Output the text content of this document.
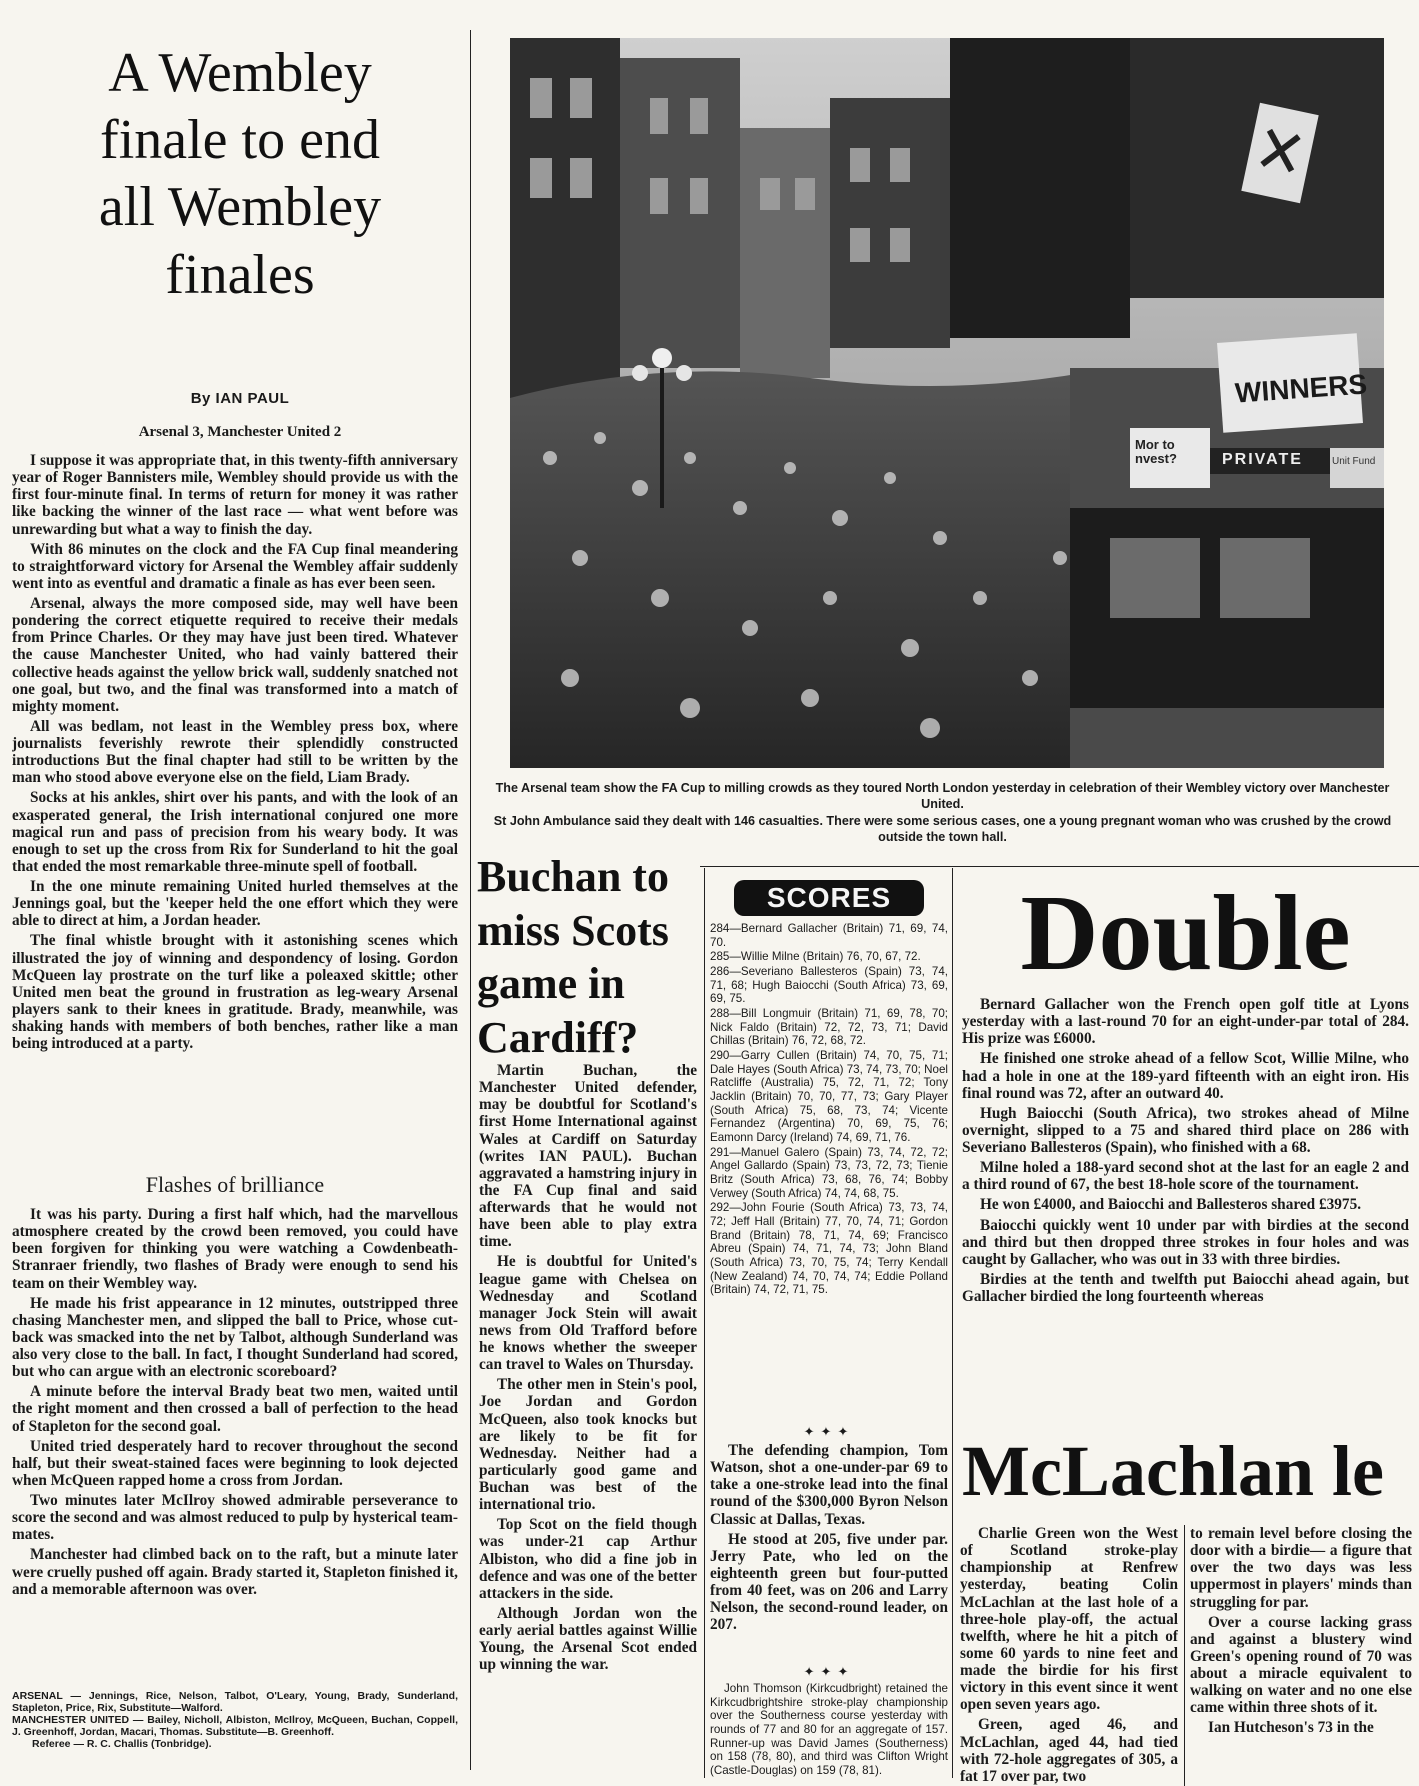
A Wembley
finale to end
all Wembley
finales
By IAN PAUL
Arsenal 3, Manchester United 2

I suppose it was appropriate that, in this twenty-fifth anniversary year of Roger Bannisters mile, Wembley should provide us with the first four-minute final. In terms of return for money it was rather like backing the winner of the last race — what went before was unrewarding but what a way to finish the day.

With 86 minutes on the clock and the FA Cup final meandering to straightforward victory for Arsenal the Wembley affair suddenly went into as eventful and dramatic a finale as has ever been seen.

Arsenal, always the more composed side, may well have been pondering the correct etiquette required to receive their medals from Prince Charles. Or they may have just been tired. Whatever the cause Manchester United, who had vainly battered their collective heads against the yellow brick wall, suddenly snatched not one goal, but two, and the final was transformed into a match of mighty moment.

All was bedlam, not least in the Wembley press box, where journalists feverishly rewrote their splendidly constructed introductions But the final chapter had still to be written by the man who stood above everyone else on the field, Liam Brady.

Socks at his ankles, shirt over his pants, and with the look of an exasperated general, the Irish international conjured one more magical run and pass of precision from his weary body. It was enough to set up the cross from Rix for Sunderland to hit the goal that ended the most remarkable three-minute spell of football.

In the one minute remaining United hurled themselves at the Jennings goal, but the 'keeper held the one effort which they were able to direct at him, a Jordan header.

The final whistle brought with it astonishing scenes which illustrated the joy of winning and despondency of losing. Gordon McQueen lay prostrate on the turf like a poleaxed skittle; other United men beat the ground in frustration as leg-weary Arsenal players sank to their knees in gratitude. Brady, meanwhile, was shaking hands with members of both benches, rather like a man being introduced at a party.

Flashes of brilliance

It was his party. During a first half which, had the marvellous atmosphere created by the crowd been removed, you could have been forgiven for thinking you were watching a Cowdenbeath-Stranraer friendly, two flashes of Brady were enough to send his team on their Wembley way.

He made his frist appearance in 12 minutes, outstripped three chasing Manchester men, and slipped the ball to Price, whose cut-back was smacked into the net by Talbot, although Sunderland was also very close to the ball. In fact, I thought Sunderland had scored, but who can argue with an electronic scoreboard?

A minute before the interval Brady beat two men, waited until the right moment and then crossed a ball of perfection to the head of Stapleton for the second goal.

United tried desperately hard to recover throughout the second half, but their sweat-stained faces were beginning to look dejected when McQueen rapped home a cross from Jordan.

Two minutes later McIlroy showed admirable perseverance to score the second and was almost reduced to pulp by hysterical team-mates.

Manchester had climbed back on to the raft, but a minute later were cruelly pushed off again. Brady started it, Stapleton finished it, and a memorable afternoon was over.

ARSENAL — Jennings, Rice, Nelson, Talbot, O'Leary, Young, Brady, Sunderland, Stapleton, Price, Rix, Substitute—Walford.
MANCHESTER UNITED — Bailey, Nicholl, Albiston, McIlroy, McQueen, Buchan, Coppell, J. Greenhoff, Jordan, Macari, Thomas. Substitute—B. Greenhoff.
Referee — R. C. Challis (Tonbridge).
Mor to nvest?
WINNERS
PRIVATE	Unit Fund
The Arsenal team show the FA Cup to milling crowds as they toured North London yesterday in celebration of their Wembley victory over Manchester United.
St John Ambulance said they dealt with 146 casualties. There were some serious cases, one a young pregnant woman who was crushed by the crowd outside the town hall.
Buchan to miss Scots game in Cardiff?

Martin Buchan, the Manchester United defender, may be doubtful for Scotland's first Home International against Wales at Cardiff on Saturday (writes IAN PAUL). Buchan aggravated a hamstring injury in the FA Cup final and said afterwards that he would not have been able to play extra time.

He is doubtful for United's league game with Chelsea on Wednesday and Scotland manager Jock Stein will await news from Old Trafford before he knows whether the sweeper can travel to Wales on Thursday.

The other men in Stein's pool, Joe Jordan and Gordon McQueen, also took knocks but are likely to be fit for Wednesday. Neither had a particularly good game and Buchan was best of the international trio.

Top Scot on the field though was under-21 cap Arthur Albiston, who did a fine job in defence and was one of the better attackers in the side.

Although Jordan won the early aerial battles against Willie Young, the Arsenal Scot ended up winning the war.

SCORES
284—Bernard Gallacher (Britain) 71, 69, 74, 70.
285—Willie Milne (Britain) 76, 70, 67, 72.
286—Severiano Ballesteros (Spain) 73, 74, 71, 68; Hugh Baiocchi (South Africa) 73, 69, 69, 75.
288—Bill Longmuir (Britain) 71, 69, 78, 70; Nick Faldo (Britain) 72, 72, 73, 71; David Chillas (Britain) 76, 72, 68, 72.
290—Garry Cullen (Britain) 74, 70, 75, 71; Dale Hayes (South Africa) 73, 74, 73, 70; Noel Ratcliffe (Australia) 75, 72, 71, 72; Tony Jacklin (Britain) 70, 70, 77, 73; Gary Player (South Africa) 75, 68, 73, 74; Vicente Fernandez (Argentina) 70, 69, 75, 76; Eamonn Darcy (Ireland) 74, 69, 71, 76.
291—Manuel Galero (Spain) 73, 74, 72, 72; Angel Gallardo (Spain) 73, 73, 72, 73; Tienie Britz (South Africa) 73, 68, 76, 74; Bobby Verwey (South Africa) 74, 74, 68, 75.
292—John Fourie (South Africa) 73, 73, 74, 72; Jeff Hall (Britain) 77, 70, 74, 71; Gordon Brand (Britain) 78, 71, 74, 69; Francisco Abreu (Spain) 74, 71, 74, 73; John Bland (South Africa) 73, 70, 75, 74; Terry Kendall (New Zealand) 74, 70, 74, 74; Eddie Polland (Britain) 74, 72, 71, 75.
✦✦✦

The defending champion, Tom Watson, shot a one-under-par 69 to take a one-stroke lead into the final round of the $300,000 Byron Nelson Classic at Dallas, Texas.

He stood at 205, five under par. Jerry Pate, who led on the eighteenth green but four-putted from 40 feet, was on 206 and Larry Nelson, the second-round leader, on 207.

✦✦✦
John Thomson (Kirkcudbright) retained the Kirkcudbrightshire stroke-play championship over the Southerness course yesterday with rounds of 77 and 80 for an aggregate of 157. Runner-up was David James (Southerness) on 158 (78, 80), and third was Clifton Wright (Castle-Douglas) on 159 (78, 81).
Double

Bernard Gallacher won the French open golf title at Lyons yesterday with a last-round 70 for an eight-under-par total of 284. His prize was £6000.

He finished one stroke ahead of a fellow Scot, Willie Milne, who had a hole in one at the 189-yard fifteenth with an eight iron. His final round was 72, after an outward 40.

Hugh Baiocchi (South Africa), two strokes ahead of Milne overnight, slipped to a 75 and shared third place on 286 with Severiano Ballesteros (Spain), who finished with a 68.

Milne holed a 188-yard second shot at the last for an eagle 2 and a third round of 67, the best 18-hole score of the tournament.

He won £4000, and Baiocchi and Ballesteros shared £3975.

Baiocchi quickly went 10 under par with birdies at the second and third but then dropped three strokes in four holes and was caught by Gallacher, who was out in 33 with three birdies.

Birdies at the tenth and twelfth put Baiocchi ahead again, but Gallacher birdied the long fourteenth whereas

McLachlan le

Charlie Green won the West of Scotland stroke-play championship at Renfrew yesterday, beating Colin McLachlan at the last hole of a three-hole play-off, the actual twelfth, where he hit a pitch of some 60 yards to nine feet and made the birdie for his first victory in this event since it went open seven years ago.

Green, aged 46, and McLachlan, aged 44, had tied with 72-hole aggregates of 305, a fat 17 over par, two

to remain level before closing the door with a birdie— a figure that over the two days was less uppermost in players' minds than struggling for par.

Over a course lacking grass and against a blustery wind Green's opening round of 70 was about a miracle equivalent to walking on water and no one else came within three shots of it.

Ian Hutcheson's 73 in the
